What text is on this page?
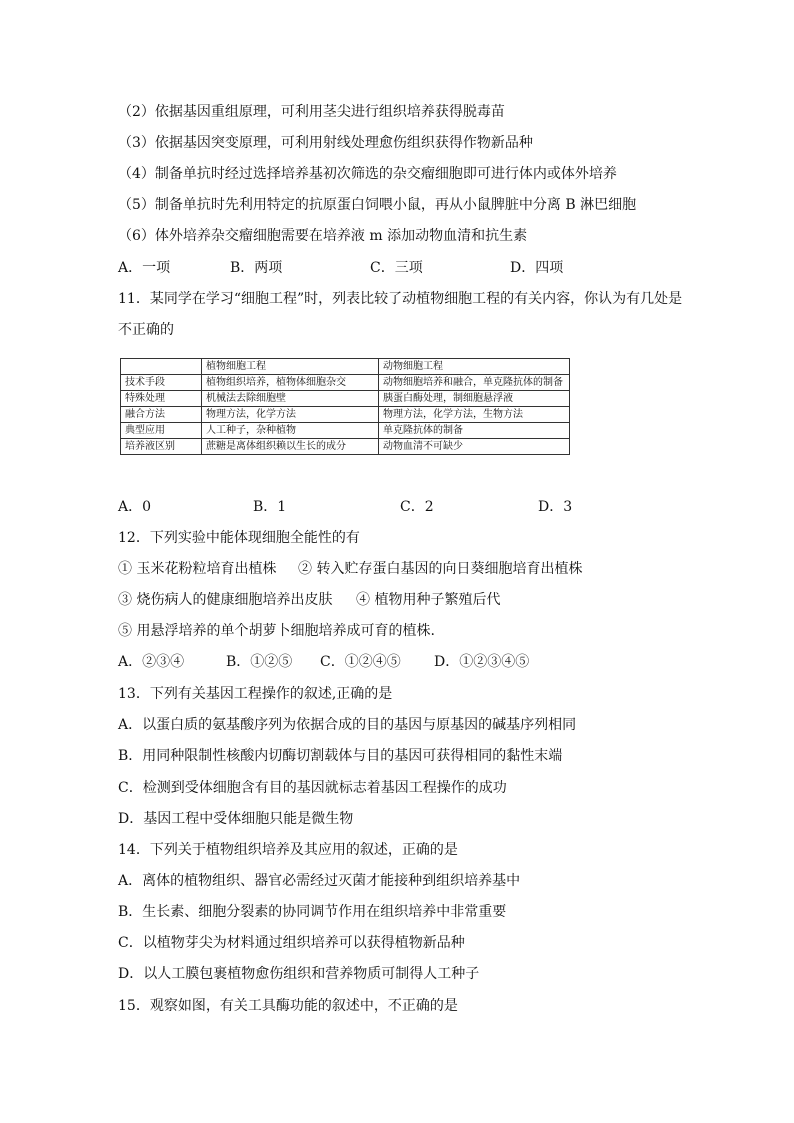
（2）依据基因重组原理，可利用茎尖进行组织培养获得脱毒苗
（3）依据基因突变原理，可利用射线处理愈伤组织获得作物新品种
（4）制备单抗时经过选择培养基初次筛选的杂交瘤细胞即可进行体内或体外培养
（5）制备单抗时先利用特定的抗原蛋白饲喂小鼠，再从小鼠脾脏中分离 B 淋巴细胞
（6）体外培养杂交瘤细胞需要在培养液 m 添加动物血清和抗生素
A．一项	B．两项	C．三项	D．四项
11．某同学在学习“细胞工程”时，列表比较了动植物细胞工程的有关内容，你认为有几处是
不正确的
	植物细胞工程	动物细胞工程
技术手段	植物组织培养，植物体细胞杂交	动物细胞培养和融合，单克隆抗体的制备
特殊处理	机械法去除细胞壁	胰蛋白酶处理，制细胞悬浮液
融合方法	物理方法，化学方法	物理方法，化学方法，生物方法
典型应用	人工种子，杂种植物	单克隆抗体的制备
培养液区别	蔗糖是离体组织赖以生长的成分	动物血清不可缺少
A．0	B．1	C．2	D．3
12．下列实验中能体现细胞全能性的有
① 玉米花粉粒培育出植株 ② 转入贮存蛋白基因的向日葵细胞培育出植株
③ 烧伤病人的健康细胞培养出皮肤 ④ 植物用种子繁殖后代
⑤ 用悬浮培养的单个胡萝卜细胞培养成可育的植株.
A．②③④	B．①②⑤ C．①②④⑤ D．①②③④⑤
13．下列有关基因工程操作的叙述,正确的是
A．以蛋白质的氨基酸序列为依据合成的目的基因与原基因的碱基序列相同
B．用同种限制性核酸内切酶切割载体与目的基因可获得相同的黏性末端
C．检测到受体细胞含有目的基因就标志着基因工程操作的成功
D．基因工程中受体细胞只能是微生物
14．下列关于植物组织培养及其应用的叙述，正确的是
A．离体的植物组织、器官必需经过灭菌才能接种到组织培养基中
B．生长素、细胞分裂素的协同调节作用在组织培养中非常重要
C．以植物芽尖为材料通过组织培养可以获得植物新品种
D．以人工膜包裹植物愈伤组织和营养物质可制得人工种子
15．观察如图，有关工具酶功能的叙述中，不正确的是
